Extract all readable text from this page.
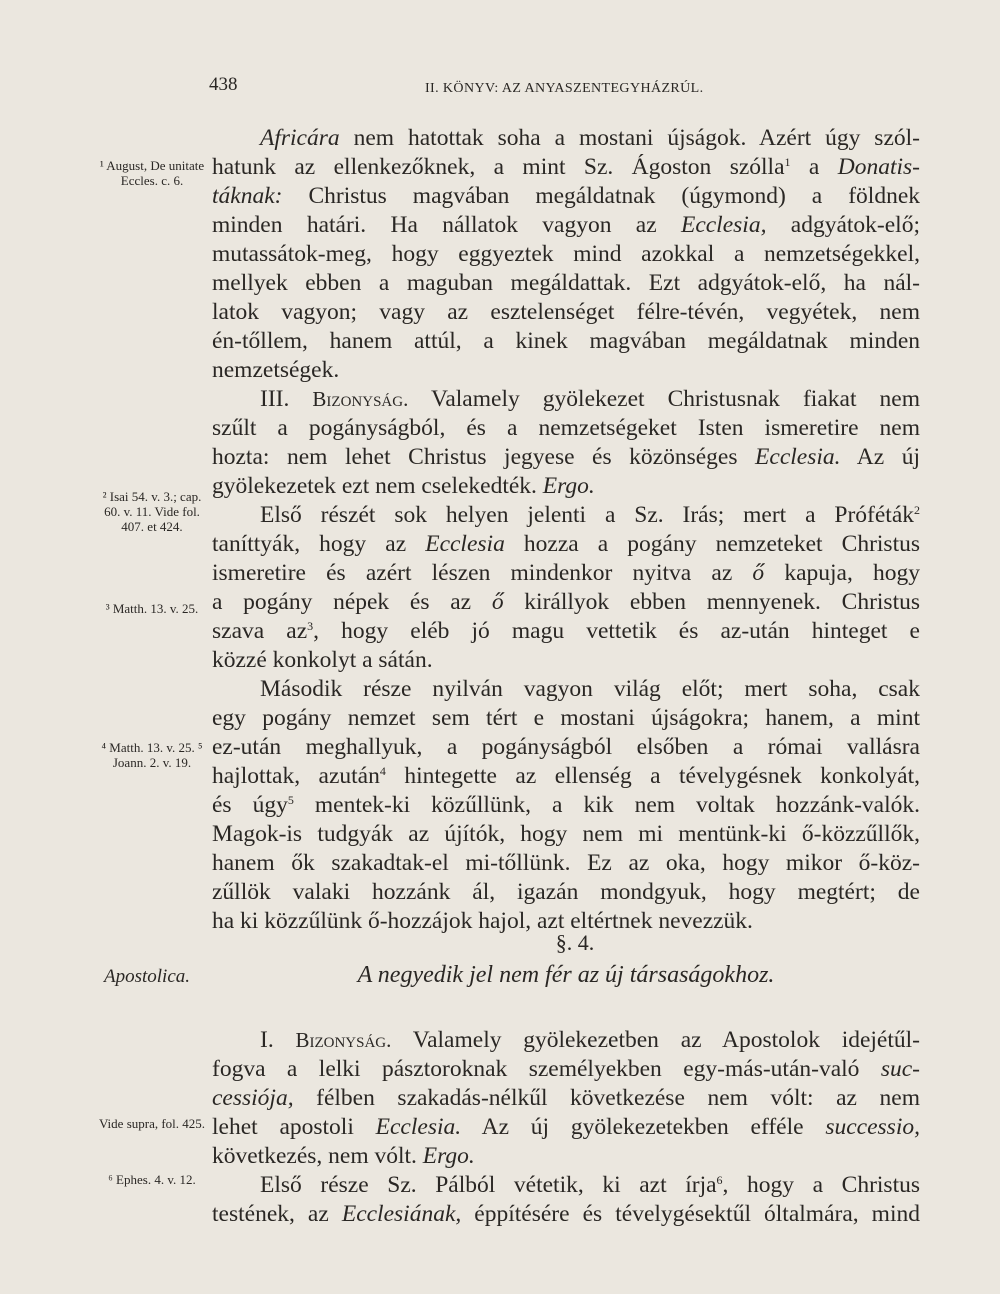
438	II. KÖNYV: AZ ANYASZENTEGYHÁZRÚL.
¹ August, De unitate Eccles. c. 6.
² Isai 54. v. 3.; cap. 60. v. 11. Vide fol. 407. et 424.
³ Matth. 13. v. 25.
⁴ Matth. 13. v. 25. ⁵ Joann. 2. v. 19.
Vide supra, fol. 425.
⁶ Ephes. 4. v. 12.
Africára nem hatottak soha a mostani újságok. Azért úgy szól-
hatunk az ellenkezőknek, a mint Sz. Ágoston szólla$^1$ a Donatis-
táknak: Christus magvában megáldatnak (úgymond) a földnek
minden határi. Ha nállatok vagyon az Ecclesia, adgyátok-elő;
mutassátok-meg, hogy eggyeztek mind azokkal a nemzetségekkel,
mellyek ebben a maguban megáldattak. Ezt adgyátok-elő, ha nál-
latok vagyon; vagy az esztelenséget félre-tévén, vegyétek, nem
én-tőllem, hanem attúl, a kinek magvában megáldatnak minden
nemzetségek.
III. Bizonyság. Valamely gyölekezet Christusnak fiakat nem
szűlt a pogányságból, és a nemzetségeket Isten ismeretire nem
hozta: nem lehet Christus jegyese és közönséges Ecclesia. Az új
gyölekezetek ezt nem cselekedték. Ergo.
Első részét sok helyen jelenti a Sz. Irás; mert a Próféták$^2$
taníttyák, hogy az Ecclesia hozza a pogány nemzeteket Christus
ismeretire és azért lészen mindenkor nyitva az ő kapuja, hogy
a pogány népek és az ő királlyok ebben mennyenek. Christus
szava $az^3$, hogy eléb jó magu vettetik és az-után hinteget e
közzé konkolyt a sátán.
Második része nyilván vagyon világ előt; mert soha, csak
egy pogány nemzet sem tért e mostani újságokra; hanem, a mint
ez-után meghallyuk, a pogányságból elsőben a római vallásra
hajlottak, azután$^4$ hintegette az ellenség a tévelygésnek konkolyát,
és úgy$^5$ mentek-ki közűllünk, a kik nem voltak hozzánk-valók.
Magok-is tudgyák az újítók, hogy nem mi mentünk-ki ő-közzűllők,
hanem ők szakadtak-el mi-tőllünk. Ez az oka, hogy mikor ő-köz-
zűllök valaki hozzánk ál, igazán mondgyuk, hogy megtért; de
ha ki közzűlünk ő-hozzájok hajol, azt eltértnek nevezzük.
§. 4.
Apostolica.	A negyedik jel nem fér az új társaságokhoz.
I. Bizonyság. Valamely gyölekezetben az Apostolok idejétűl-
fogva a lelki pásztoroknak személyekben egy-más-után-való suc-
cessiója, félben szakadás-nélkűl következése nem vólt: az nem
lehet apostoli Ecclesia. Az új gyölekezetekben efféle successio,
következés, nem vólt. Ergo.
Első része Sz. Pálból vétetik, ki azt írja$^6$, hogy a Christus
testének, az Ecclesiának, éppítésére és tévelygésektűl óltalmára, mind
